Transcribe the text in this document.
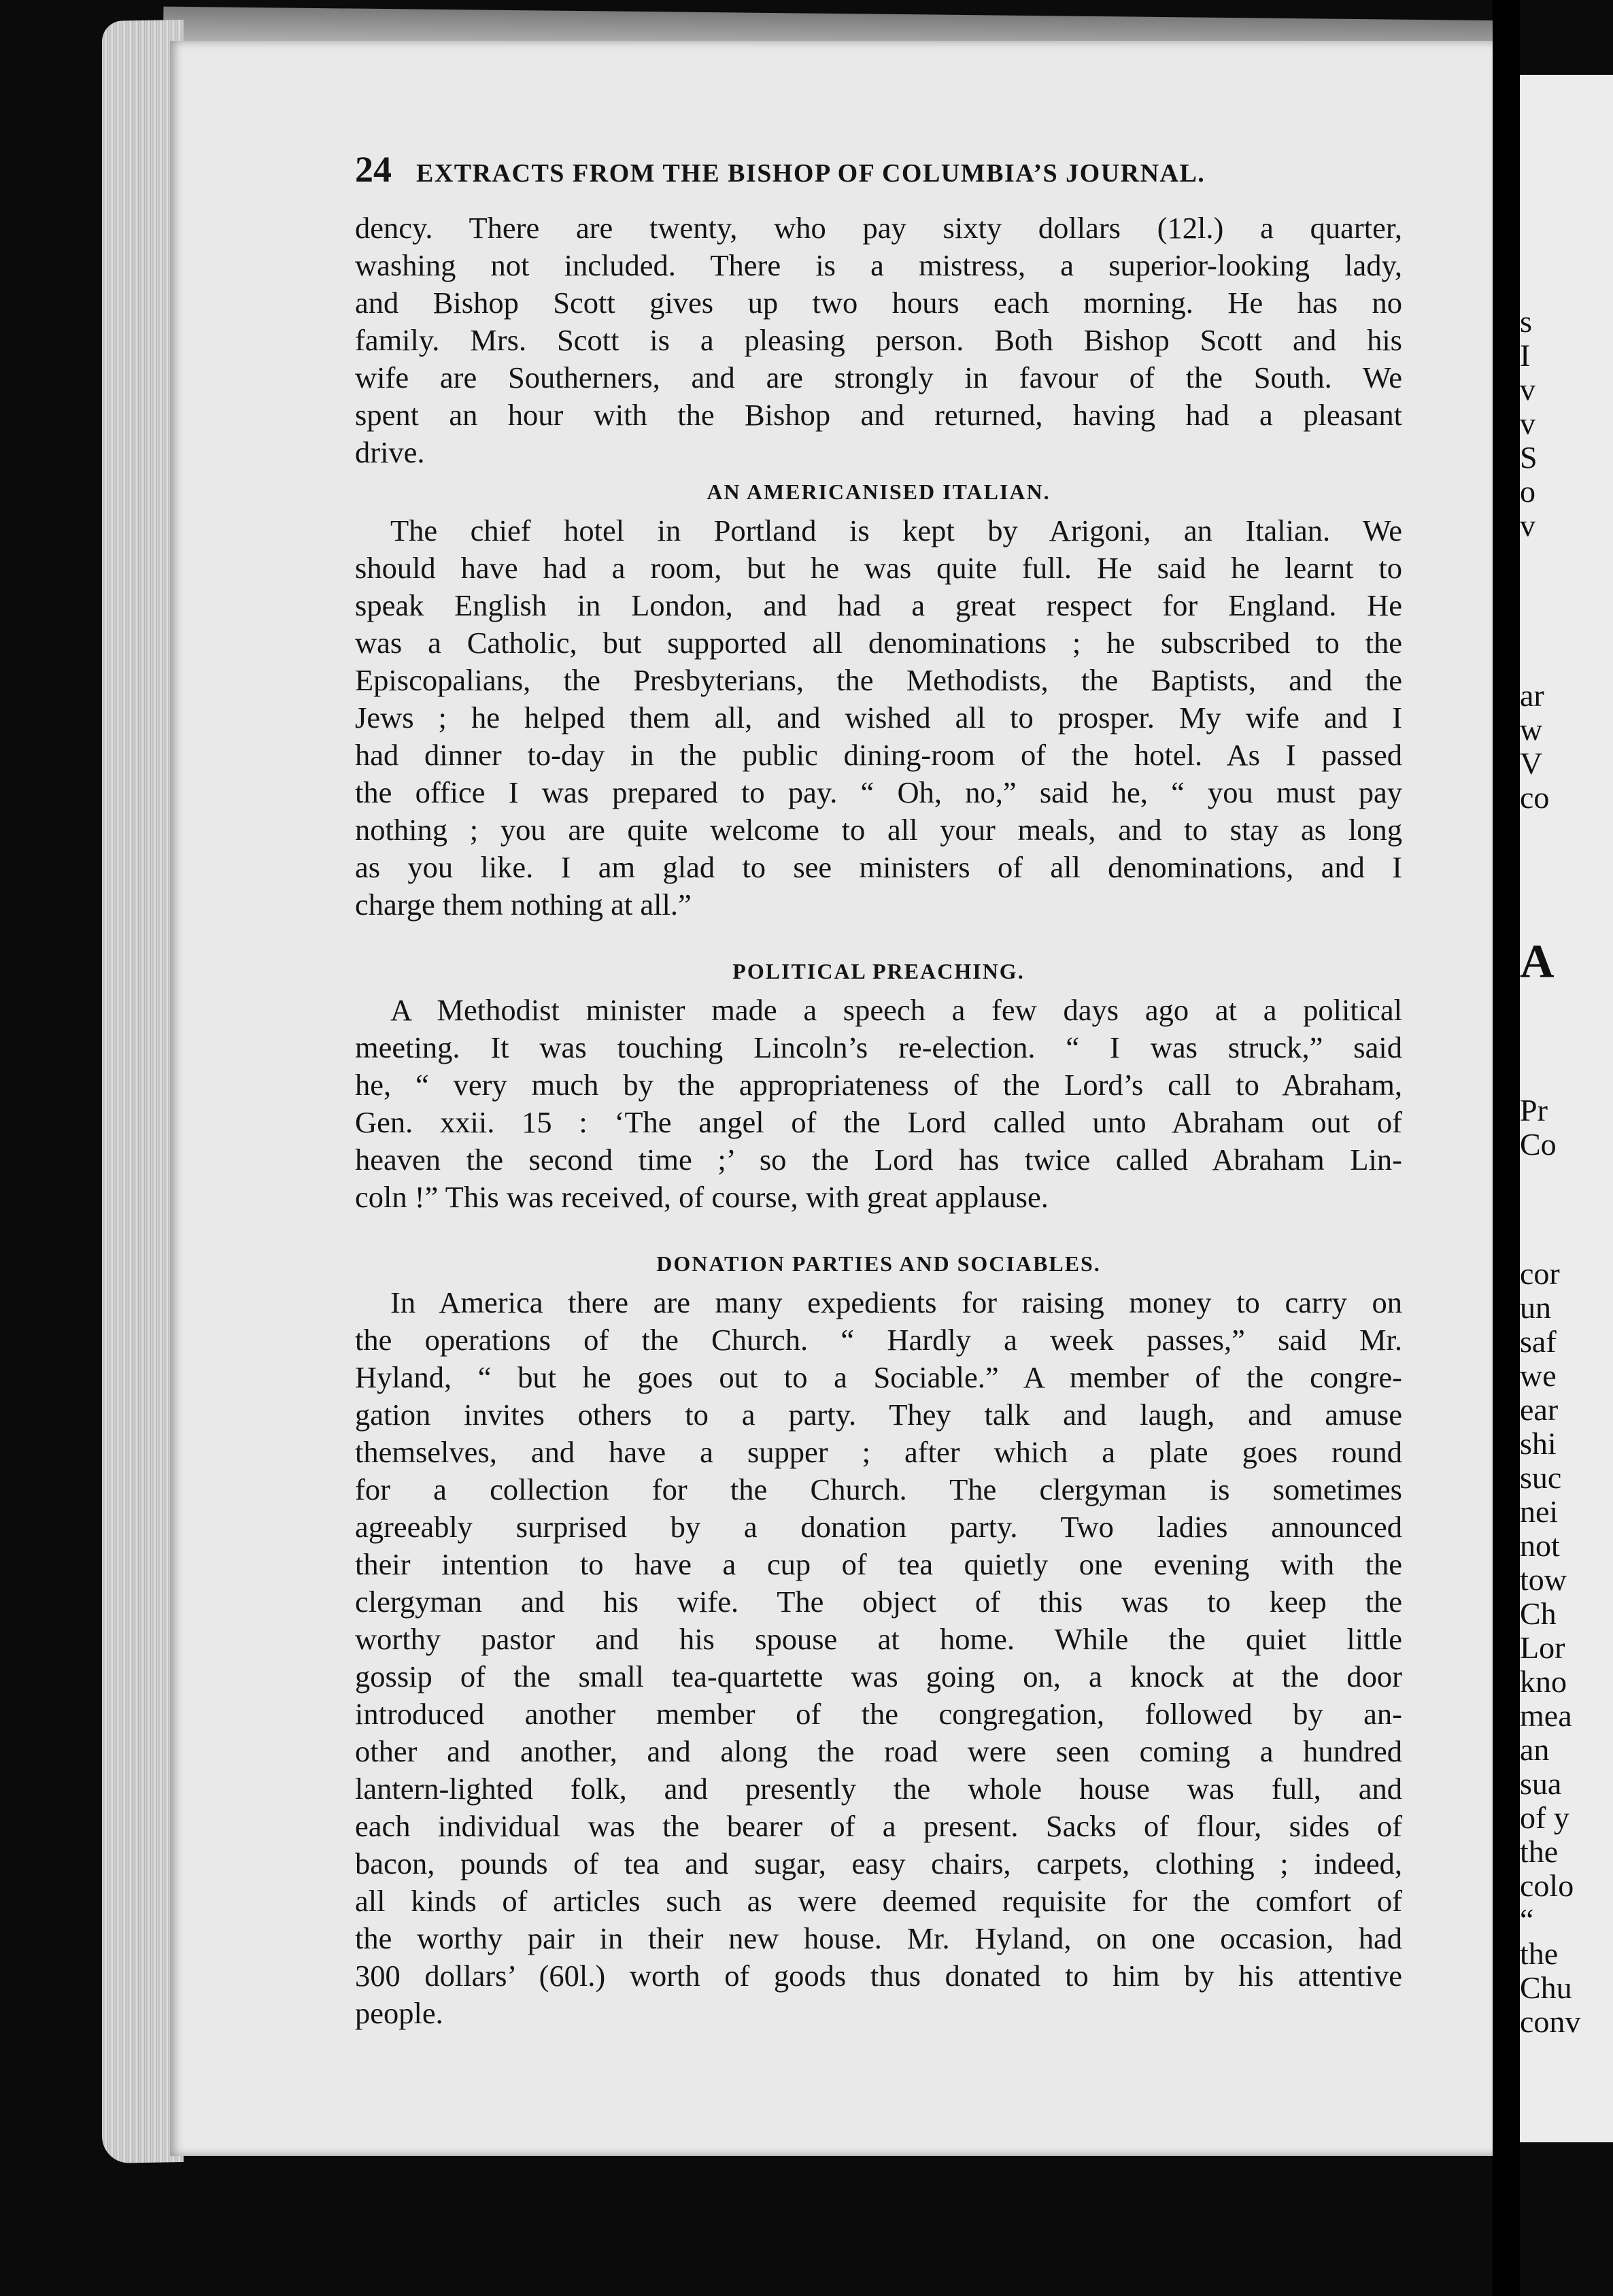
s
I
v
v
S
o
v
ar
w
V
co
A
Pr
Co
cor
un
saf
we
ear
shi
suc
nei
not
tow
Ch
Lor
kno
mea
an
sua
of y
the
colo
“
the
Chu
conv
24 EXTRACTS FROM THE BISHOP OF COLUMBIA’S JOURNAL.

dency. There are twenty, who pay sixty dollars (12l.) a quarter,
washing not included. There is a mistress, a superior-looking lady,
and Bishop Scott gives up two hours each morning. He has no
family. Mrs. Scott is a pleasing person. Both Bishop Scott and his
wife are Southerners, and are strongly in favour of the South. We
spent an hour with the Bishop and returned, having had a pleasant
drive.

AN AMERICANISED ITALIAN.

The chief hotel in Portland is kept by Arigoni, an Italian. We
should have had a room, but he was quite full. He said he learnt to
speak English in London, and had a great respect for England. He
was a Catholic, but supported all denominations ; he subscribed to the
Episcopalians, the Presbyterians, the Methodists, the Baptists, and the
Jews ; he helped them all, and wished all to prosper. My wife and I
had dinner to-day in the public dining-room of the hotel. As I passed
the office I was prepared to pay. “ Oh, no,” said he, “ you must pay
nothing ; you are quite welcome to all your meals, and to stay as long
as you like. I am glad to see ministers of all denominations, and I
charge them nothing at all.”

POLITICAL PREACHING.

A Methodist minister made a speech a few days ago at a political
meeting. It was touching Lincoln’s re-election. “ I was struck,” said
he, “ very much by the appropriateness of the Lord’s call to Abraham,
Gen. xxii. 15 : ‘The angel of the Lord called unto Abraham out of
heaven the second time ;’ so the Lord has twice called Abraham Lin-
coln !” This was received, of course, with great applause.

DONATION PARTIES AND SOCIABLES.

In America there are many expedients for raising money to carry on
the operations of the Church. “ Hardly a week passes,” said Mr.
Hyland, “ but he goes out to a Sociable.” A member of the congre-
gation invites others to a party. They talk and laugh, and amuse
themselves, and have a supper ; after which a plate goes round
for a collection for the Church. The clergyman is sometimes
agreeably surprised by a donation party. Two ladies announced
their intention to have a cup of tea quietly one evening with the
clergyman and his wife. The object of this was to keep the
worthy pastor and his spouse at home. While the quiet little
gossip of the small tea-quartette was going on, a knock at the door
introduced another member of the congregation, followed by an-
other and another, and along the road were seen coming a hundred
lantern-lighted folk, and presently the whole house was full, and
each individual was the bearer of a present. Sacks of flour, sides of
bacon, pounds of tea and sugar, easy chairs, carpets, clothing ; indeed,
all kinds of articles such as were deemed requisite for the comfort of
the worthy pair in their new house. Mr. Hyland, on one occasion, had
300 dollars’ (60l.) worth of goods thus donated to him by his attentive
people.
